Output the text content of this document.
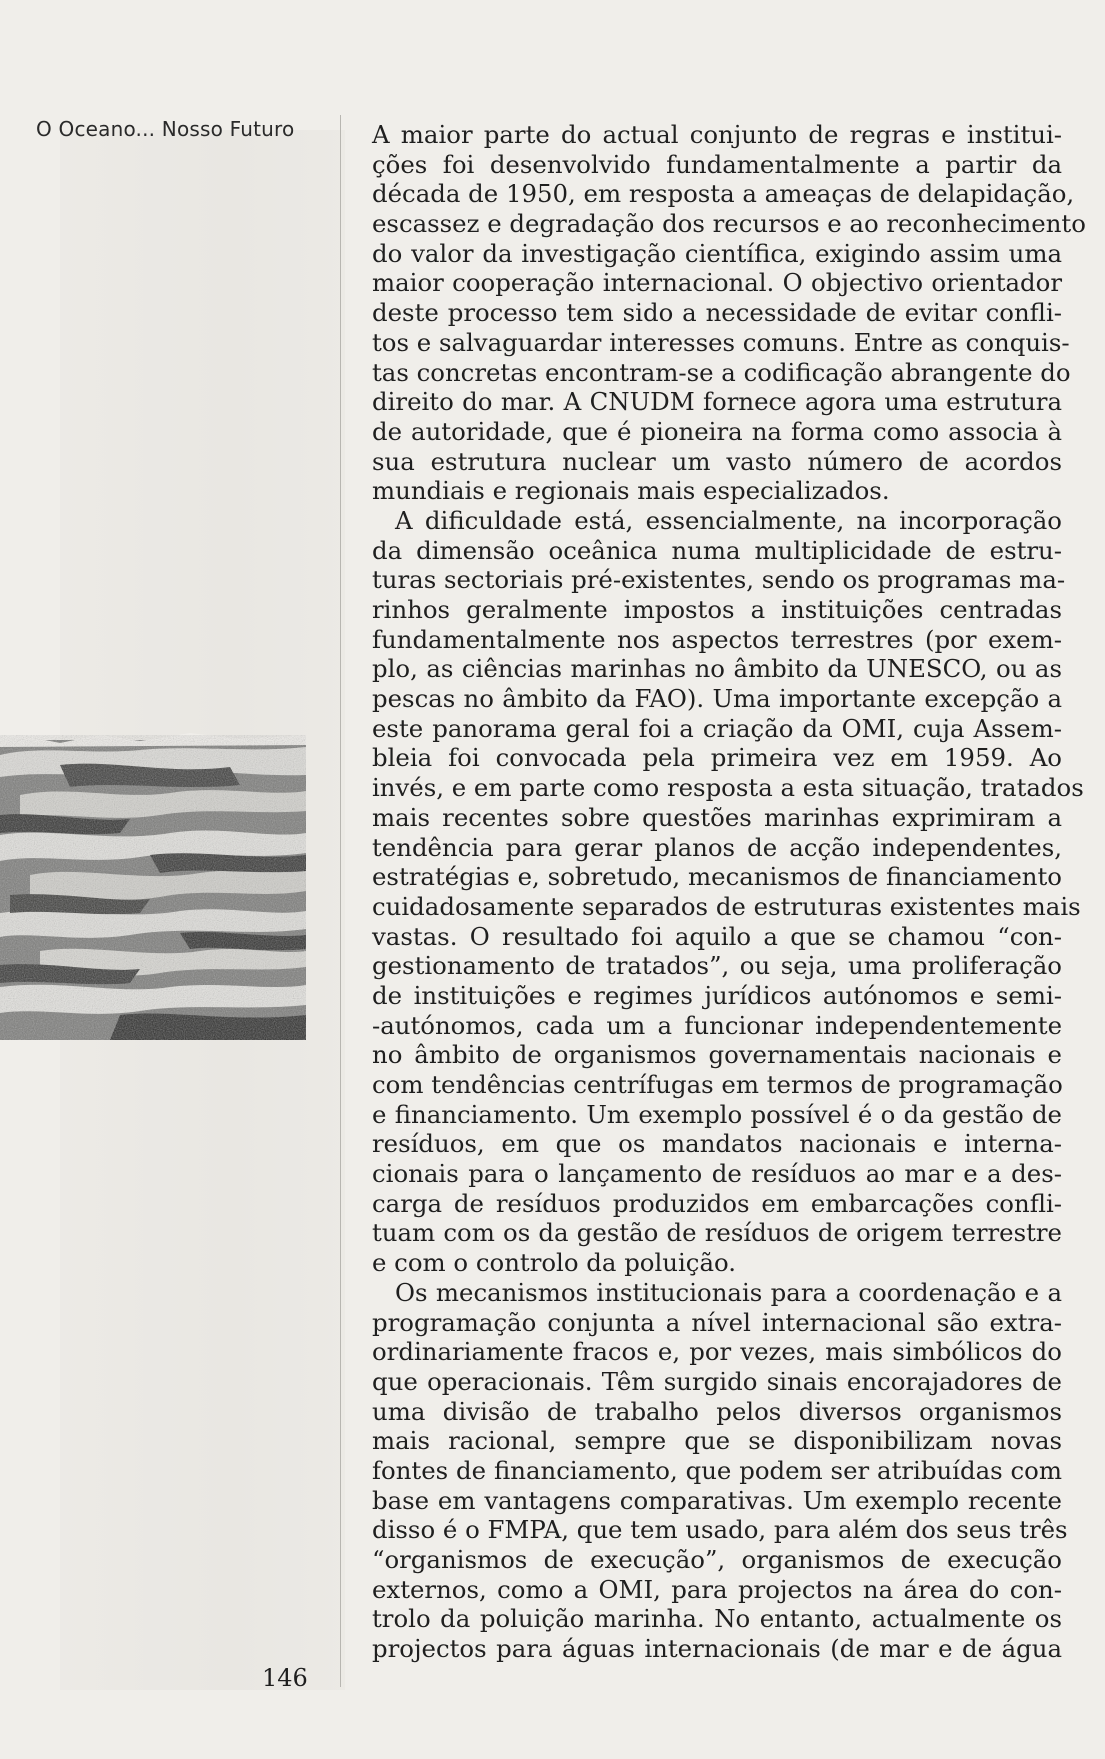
O Oceano... Nosso Futuro
146
A maior parte do actual conjunto de regras e institui-
ções foi desenvolvido fundamentalmente a partir da
década de 1950, em resposta a ameaças de delapidação,
escassez e degradação dos recursos e ao reconhecimento
do valor da investigação científica, exigindo assim uma
maior cooperação internacional. O objectivo orientador
deste processo tem sido a necessidade de evitar confli-
tos e salvaguardar interesses comuns. Entre as conquis-
tas concretas encontram-se a codificação abrangente do
direito do mar. A CNUDM fornece agora uma estrutura
de autoridade, que é pioneira na forma como associa à
sua estrutura nuclear um vasto número de acordos
mundiais e regionais mais especializados.
A dificuldade está, essencialmente, na incorporação
da dimensão oceânica numa multiplicidade de estru-
turas sectoriais pré-existentes, sendo os programas ma-
rinhos geralmente impostos a instituições centradas
fundamentalmente nos aspectos terrestres (por exem-
plo, as ciências marinhas no âmbito da UNESCO, ou as
pescas no âmbito da FAO). Uma importante excepção a
este panorama geral foi a criação da OMI, cuja Assem-
bleia foi convocada pela primeira vez em 1959. Ao
invés, e em parte como resposta a esta situação, tratados
mais recentes sobre questões marinhas exprimiram a
tendência para gerar planos de acção independentes,
estratégias e, sobretudo, mecanismos de financiamento
cuidadosamente separados de estruturas existentes mais
vastas. O resultado foi aquilo a que se chamou “con-
gestionamento de tratados”, ou seja, uma proliferação
de instituições e regimes jurídicos autónomos e semi-
-autónomos, cada um a funcionar independentemente
no âmbito de organismos governamentais nacionais e
com tendências centrífugas em termos de programação
e financiamento. Um exemplo possível é o da gestão de
resíduos, em que os mandatos nacionais e interna-
cionais para o lançamento de resíduos ao mar e a des-
carga de resíduos produzidos em embarcações confli-
tuam com os da gestão de resíduos de origem terrestre
e com o controlo da poluição.
Os mecanismos institucionais para a coordenação e a
programação conjunta a nível internacional são extra-
ordinariamente fracos e, por vezes, mais simbólicos do
que operacionais. Têm surgido sinais encorajadores de
uma divisão de trabalho pelos diversos organismos
mais racional, sempre que se disponibilizam novas
fontes de financiamento, que podem ser atribuídas com
base em vantagens comparativas. Um exemplo recente
disso é o FMPA, que tem usado, para além dos seus três
“organismos de execução”, organismos de execução
externos, como a OMI, para projectos na área do con-
trolo da poluição marinha. No entanto, actualmente os
projectos para águas internacionais (de mar e de água
